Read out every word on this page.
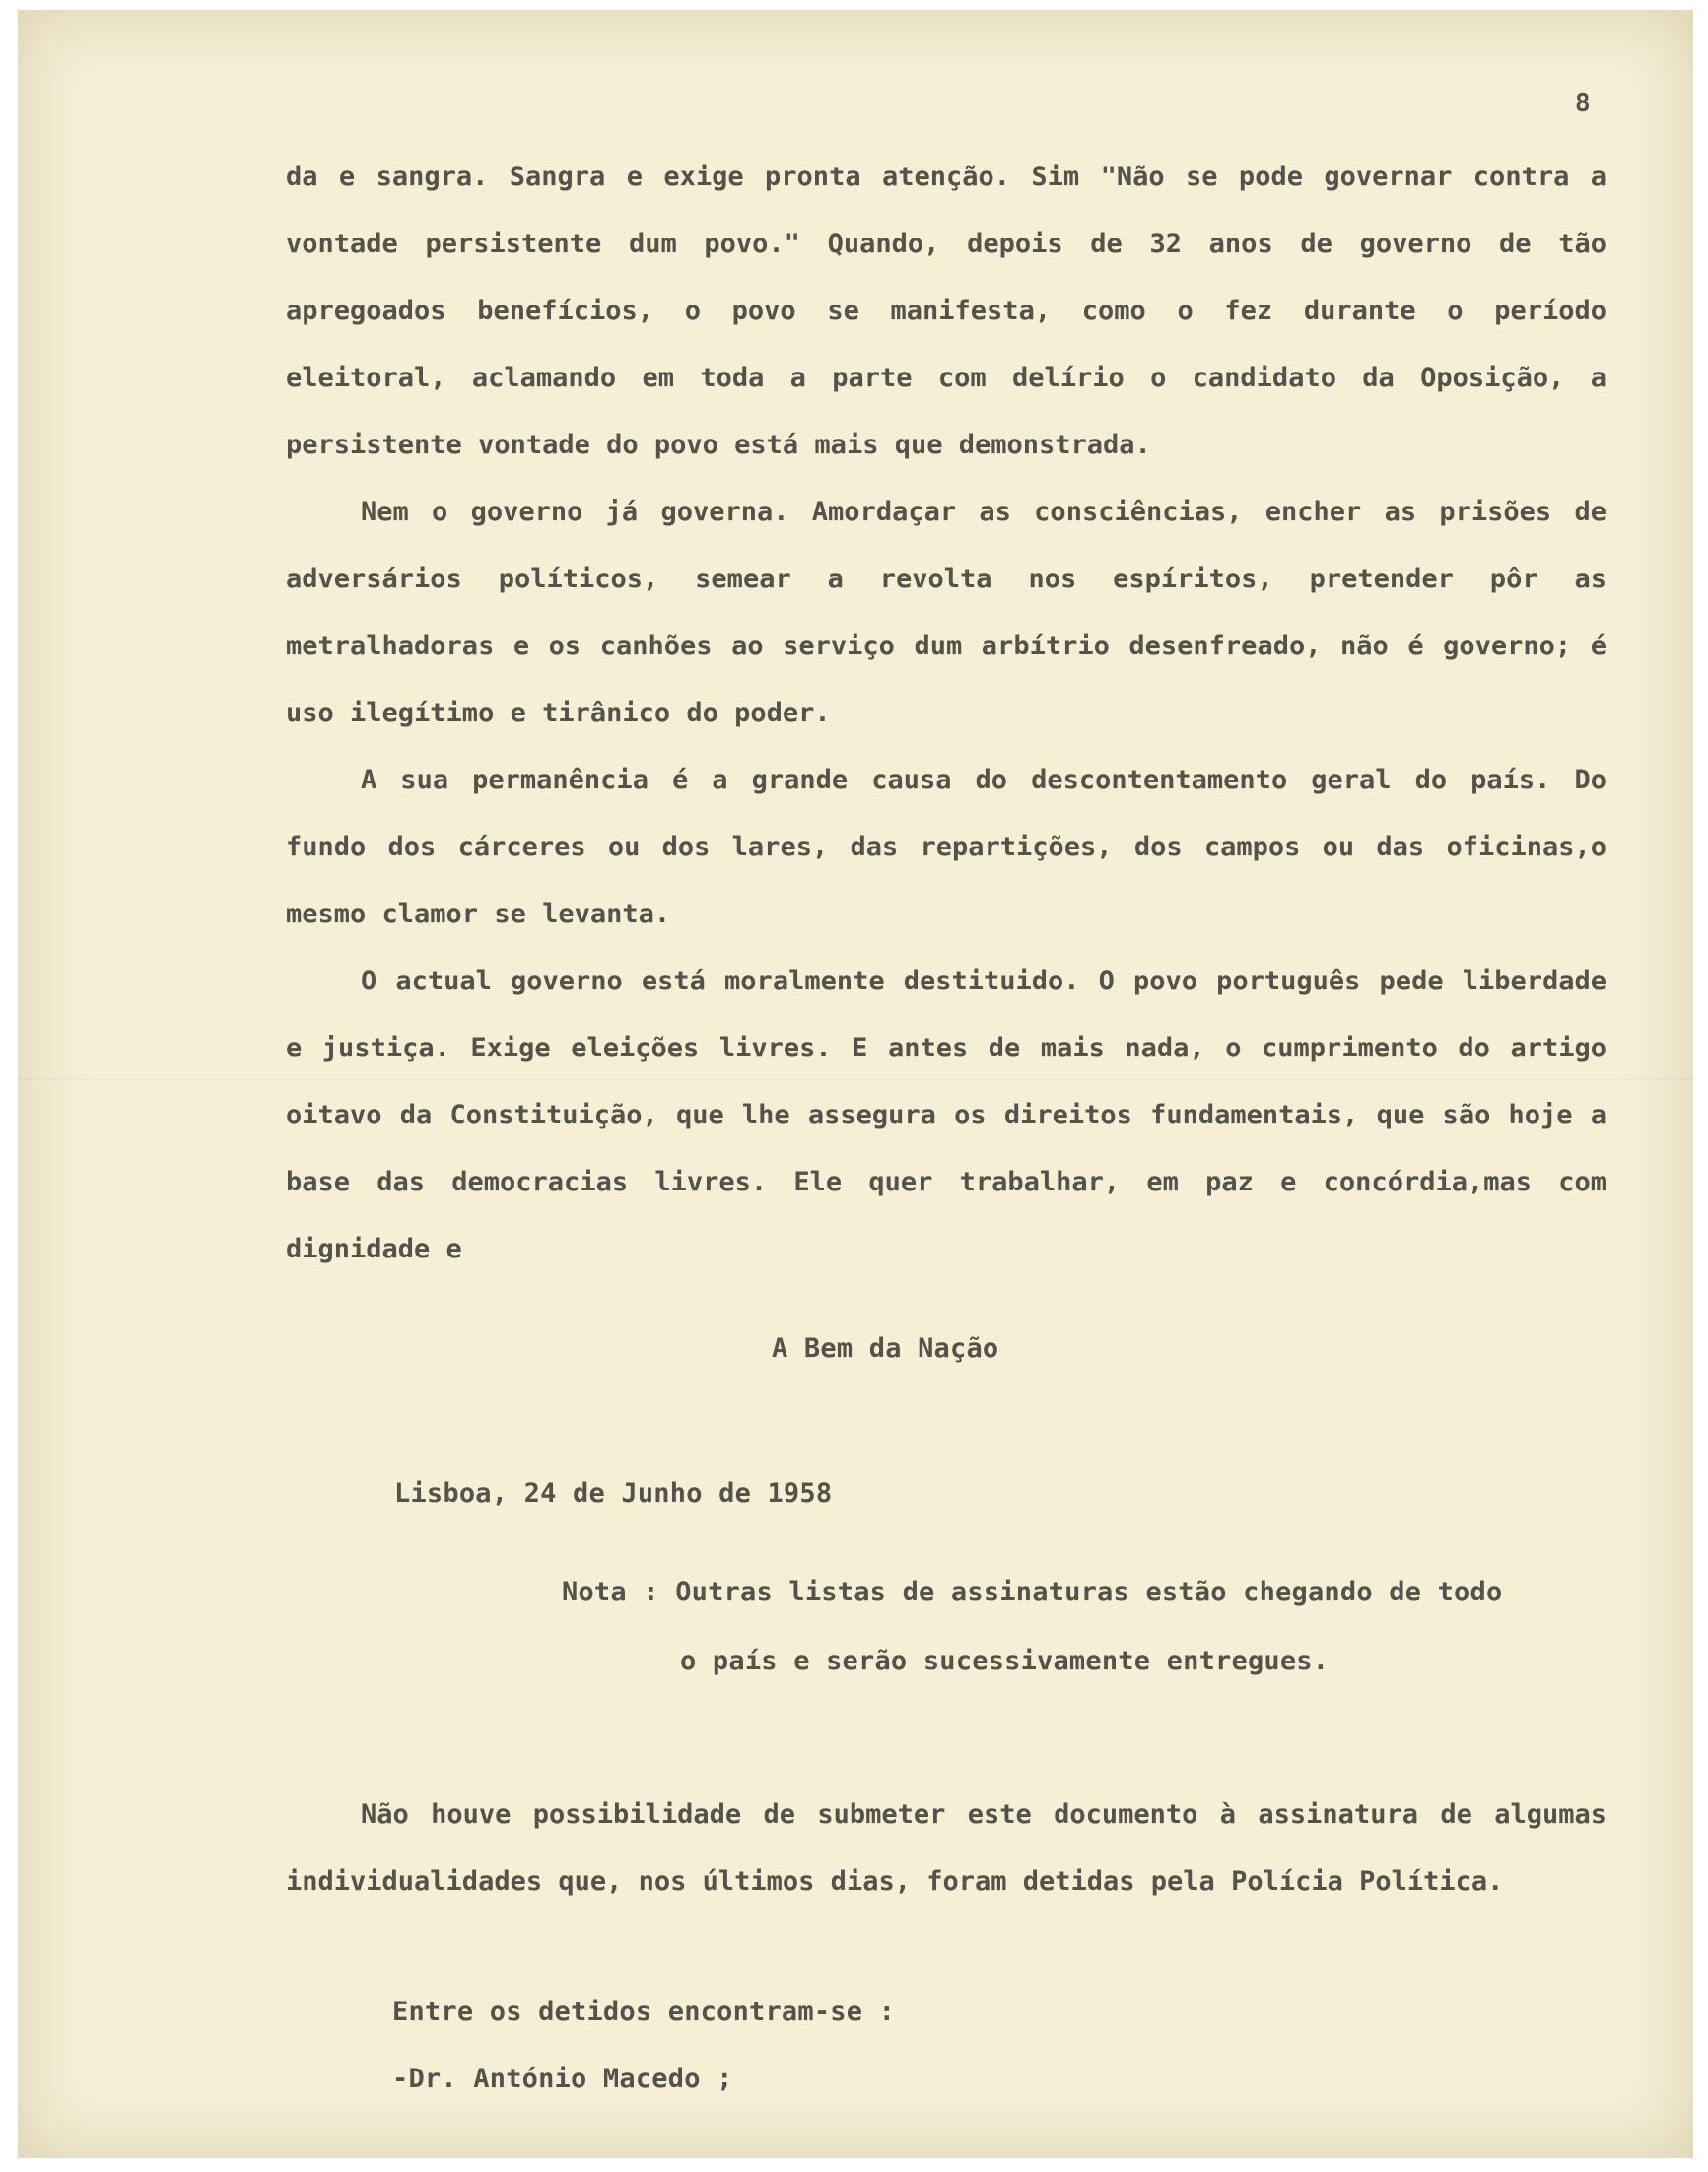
8

da e sangra. Sangra e exige pronta atenção. Sim "Não se pode governar contra a vontade persistente dum povo." Quando, depois de 32 anos de governo de tão apregoados benefícios, o povo se manifesta, como o fez durante o período eleitoral, aclamando em toda a parte com delírio o candidato da Oposição, a persistente vontade do povo está mais que demonstrada.

Nem o governo já governa. Amordaçar as consciências, encher as prisões de adversários políticos, semear a revolta nos espíritos, pretender pôr as metralhadoras e os canhões ao serviço dum arbítrio desenfreado, não é governo; é uso ilegítimo e tirânico do poder.

A sua permanência é a grande causa do descontentamento geral do país. Do fundo dos cárceres ou dos lares, das repartições, dos campos ou das oficinas,o mesmo clamor se levanta.

O actual governo está moralmente destituido. O povo português pede liberdade e justiça. Exige eleições livres. E antes de mais nada, o cumprimento do artigo oitavo da Constituição, que lhe assegura os direitos fundamentais, que são hoje a base das democracias livres. Ele quer trabalhar, em paz e concórdia,mas com dignidade e

A Bem da Nação

Lisboa, 24 de Junho de 1958

Nota : Outras listas de assinaturas estão chegando de todo

o país e serão sucessivamente entregues.

Não houve possibilidade de submeter este documento à assinatura de algumas individualidades que, nos últimos dias, foram detidas pela Polícia Política.

Entre os detidos encontram-se :

-Dr. António Macedo ;
